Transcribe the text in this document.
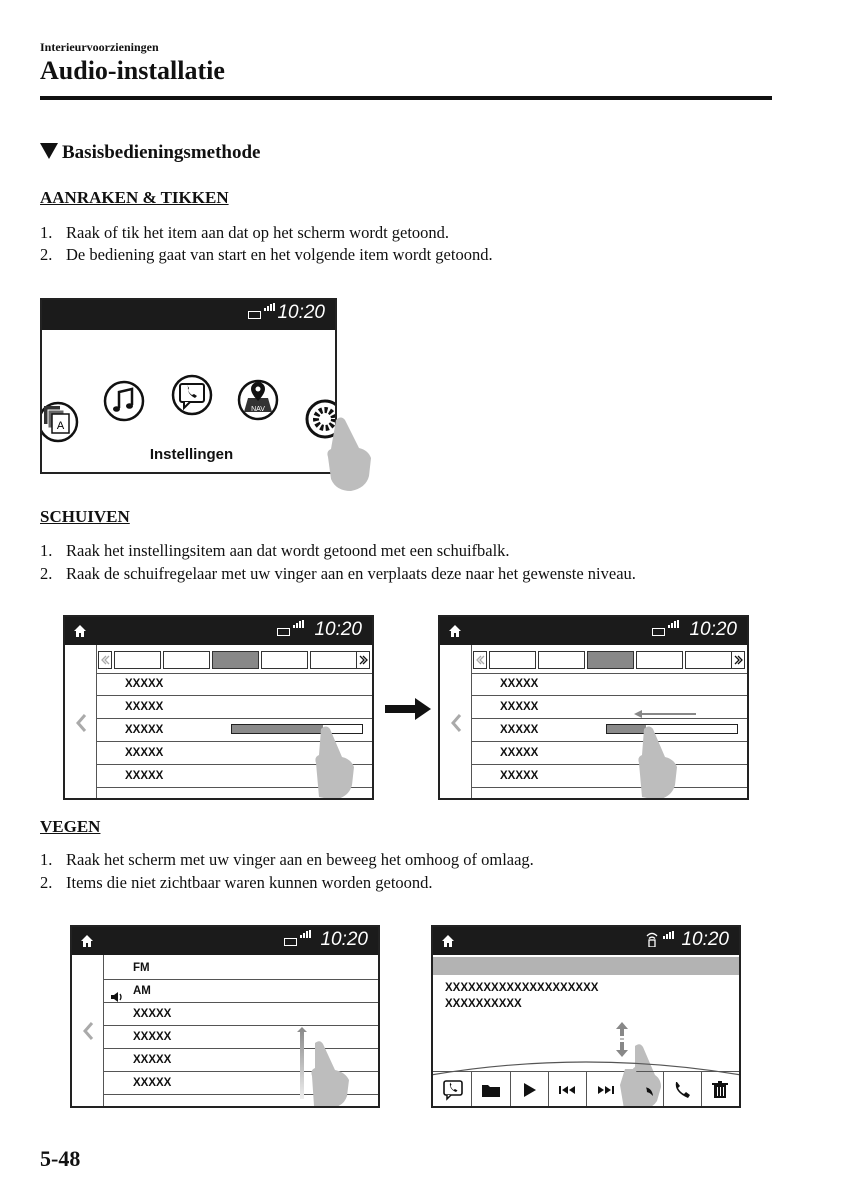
Interieurvoorzieningen
Audio-installatie
Basisbedieningsmethode
AANRAKEN & TIKKEN
1. Raak of tik het item aan dat op het scherm wordt getoond.
2. De bediening gaat van start en het volgende item wordt getoond.
10:20
A
NAV
Instellingen
SCHUIVEN
1. Raak het instellingsitem aan dat wordt getoond met een schuifbalk.
2. Raak de schuifregelaar met uw vinger aan en verplaats deze naar het gewenste niveau.
10:20
XXXXX
XXXXX
XXXXX
XXXXX
XXXXX
10:20
XXXXX
XXXXX
XXXXX
XXXXX
XXXXX
VEGEN
1. Raak het scherm met uw vinger aan en beweeg het omhoog of omlaag.
2. Items die niet zichtbaar waren kunnen worden getoond.
10:20
FM
AM
XXXXX
XXXXX
XXXXX
XXXXX
10:20
XXXXXXXXXXXXXXXXXXXX
XXXXXXXXXX
5-48
